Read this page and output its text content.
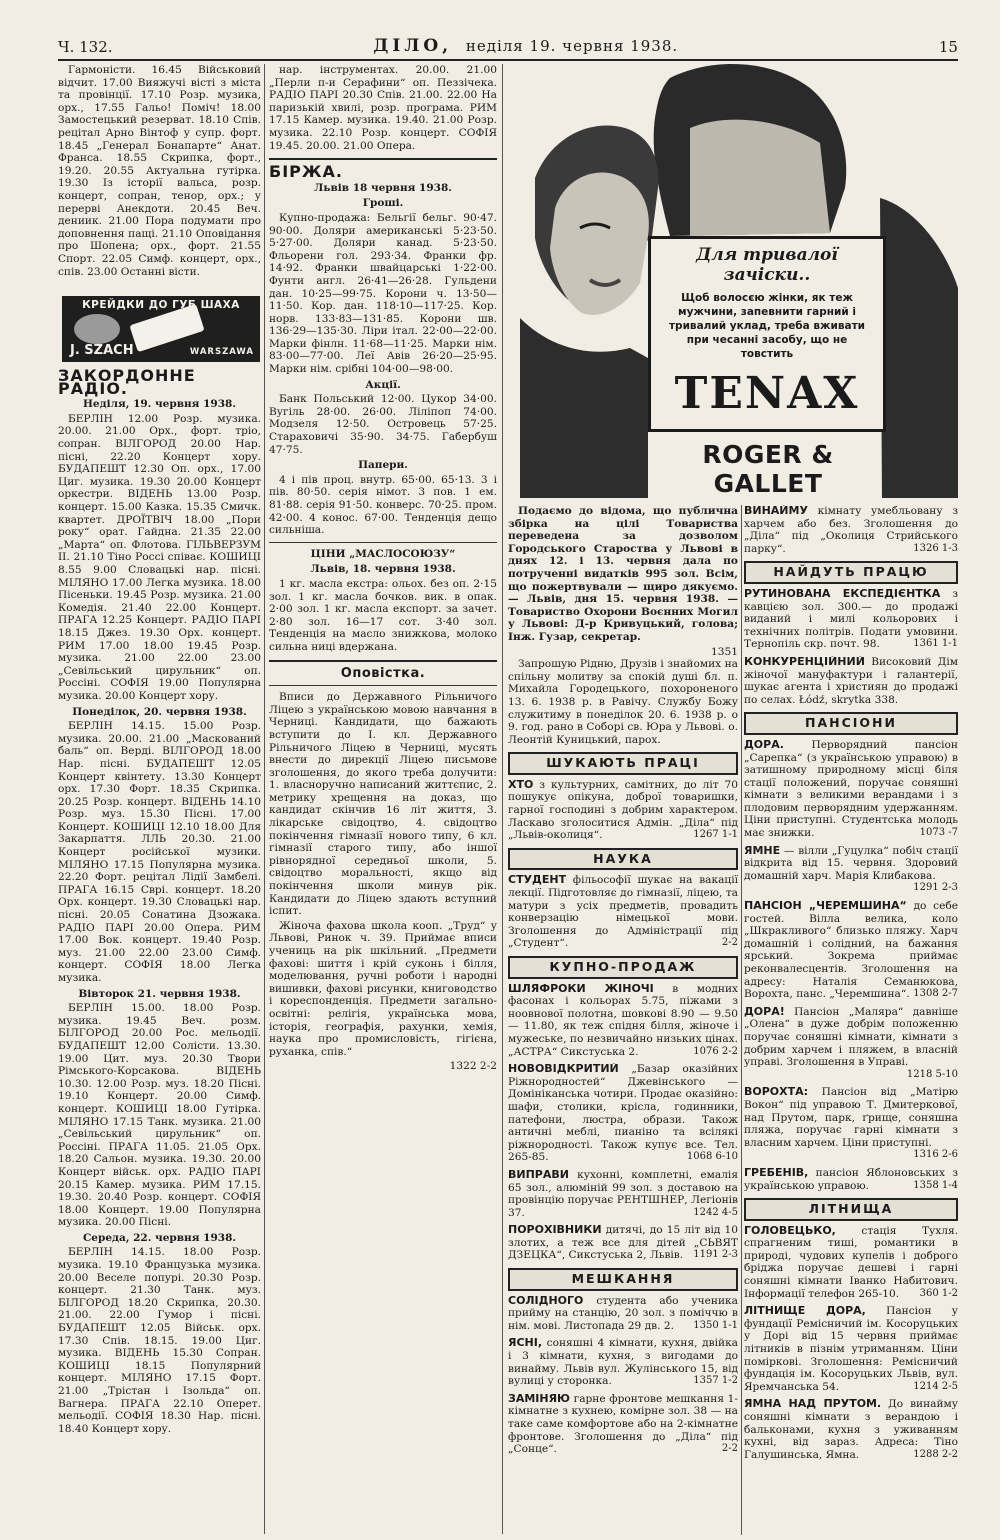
Ч. 132.	ДІЛО, неділя 19. червня 1938.	15

Гармоністи. 16.45 Військовий відчит. 17.00 Вияжучі вісті з міста та провінції. 17.10 Розр. музика, орх., 17.55 Гальо! Поміч! 18.00 Замостецький резерват. 18.10 Спів. рецітал Арно Вінтоф у супр. форт. 18.45 „Генерал Бонапарте“ Анат. Франса. 18.55 Скрипка, форт., 19.20. 20.55 Актуальна гутірка. 19.30 Із історії вальса, розр. концерт, сопран, тенор, орх.; у перерві Анекдоти. 20.45 Веч. дениик. 21.00 Пора подумати про доповнення пащі. 21.10 Оповідання про Шопена; орх., форт. 21.55 Спорт. 22.05 Симф. концерт, орх., спів. 23.00 Останні вісти.

ЗАКОРДОННЕ РАДІО.
Неділя, 19. червня 1938.

БЕРЛІН 12.00 Розр. музика. 20.00. 21.00 Орх., форт. тріо, сопран. ВІЛГОРОД 20.00 Нар. пісні, 22.20 Концерт хору. БУДАПЕШТ 12.30 Оп. орх., 17.00 Циг. музика. 19.30 20.00 Концерт оркестри. ВІДЕНЬ 13.00 Розр. концерт. 15.00 Казка. 15.35 Смичк. квартет. ДРОЇТВІЧ 18.00 „Пори року“ орат. Гайдна. 21.35 22.00 „Марта“ оп. Флотова. ГІЛЬВЕРЗУМ II. 21.10 Тіно Россі співає. КОШИЦІ 8.55 9.00 Словацькі нар. пісні. МІЛЯНО 17.00 Легка музика. 18.00 Пісеньки. 19.45 Розр. музика. 21.00 Комедія. 21.40 22.00 Концерт. ПРАГА 12.25 Концерт. РАДІО ПАРІ 18.15 Джез. 19.30 Орх. концерт. РИМ 17.00 18.00 19.45 Розр. музика. 21.00 22.00 23.00 „Севільський цирульник“ оп. Россіні. СОФІЯ 19.00 Популярна музика. 20.00 Концерт хору.

Понеділок, 20. червня 1938.

БЕРЛІН 14.15. 15.00 Розр. музика. 20.00. 21.00 „Маскований баль“ оп. Верді. ВІЛГОРОД 18.00 Нар. пісні. БУДАПЕШТ 12.05 Концерт квінтету. 13.30 Концерт орх. 17.30 Форт. 18.35 Скрипка. 20.25 Розр. концерт. ВІДЕНЬ 14.10 Розр. муз. 15.30 Пісні. 17.00 Концерт. КОШИЦІ 12.10 18.00 Для Закарпаття. ЛЛЬ 20.30. 21.00 Концерт російської музики. МІЛЯНО 17.15 Популярна музика. 22.20 Форт. рецітал Лідії Замбелі. ПРАГА 16.15 Сврі. концерт. 18.20 Орх. концерт. 19.30 Словацькі нар. пісні. 20.05 Сонатина Дзожака. РАДІО ПАРІ 20.00 Опера. РИМ 17.00 Вок. концерт. 19.40 Розр. муз. 21.00 22.00 23.00 Симф. концерт. СОФІЯ 18.00 Легка музика.

Вівторок 21. червня 1938.

БЕРЛІН 15.00. 18.00 Розр. музика. 19.45 Веч. розм. БІЛГОРОД 20.00 Рос. мельодії. БУДАПЕШТ 12.00 Солісти. 13.30. 19.00 Цит. муз. 20.30 Твори Рімського-Корсакова. ВІДЕНЬ 10.30. 12.00 Розр. муз. 18.20 Пісні. 19.10 Концерт. 20.00 Симф. концерт. КОШИЦІ 18.00 Гутірка. МІЛЯНО 17.15 Танк. музика. 21.00 „Севільський цирульник“ оп. Россіні. ПРАГА 11.05. 21.05 Орх. 18.20 Сальон. музика. 19.30. 20.00 Концерт військ. орх. РАДІО ПАРІ 20.15 Камер. музика. РИМ 17.15. 19.30. 20.40 Розр. концерт. СОФІЯ 18.00 Концерт. 19.00 Популярна музика. 20.00 Пісні.

Середа, 22. червня 1938.

БЕРЛІН 14.15. 18.00 Розр. музика. 19.10 Французька музика. 20.00 Веселе попурі. 20.30 Розр. концерт. 21.30 Танк. муз. БІЛГОРОД 18.20 Скрипка, 20.30. 21.00. 22.00 Гумор і пісні. БУДАПЕШТ 12.05 Військ. орх. 17.30 Спів. 18.15. 19.00 Циг. музика. ВІДЕНЬ 15.30 Сопран. КОШИЦІ 18.15 Популярний концерт. МІЛЯНО 17.15 Форт. 21.00 „Трістан і Ізольда“ оп. Вагнера. ПРАГА 22.10 Оперет. мельодії. СОФІЯ 18.30 Нар. пісні. 18.40 Концерт хору.

КРЕЙДКИ ДО ГУБ ШАХА
J. SZACH	WARSZAWA

нар. інструментах. 20.00. 21.00 „Перли п-и Серафини“ оп. Пеззічека. РАДІО ПАРІ 20.30 Спів. 21.00. 22.00 На паризькій хвилі, розр. програма. РИМ 17.15 Камер. музика. 19.40. 21.00 Розр. музика. 22.10 Розр. концерт. СОФІЯ 19.45. 20.00. 21.00 Опера.

БІРЖА.
Львів 18 червня 1938.
Гроші.

Купно-продажа: Бельгії бельг. 90·47. 90·00. Доляри американські 5·23·50. 5·27·00. Доляри канад. 5·23·50. Фльорени гол. 293·34. Франки фр. 14·92. Франки швайцарські 1·22·00. Фунти англ. 26·41—26·28. Гульдени дан. 10·25—99·75. Корони ч. 13·50—11·50. Кор. дан. 118·10—117·25. Кор. норв. 133·83—131·85. Корони шв. 136·29—135·30. Ліри італ. 22·00—22·00. Марки фінлн. 11·68—11·25. Марки нім. 83·00—77·00. Леї Авів 26·20—25·95. Марки нім. срібні 104·00—98·00.

Акції.

Банк Польський 12·00. Цукор 34·00. Вугіль 28·00. 26·00. Ліліпоп 74·00. Модзеля 12·50. Островець 57·25. Стараховичі 35·90. 34·75. Габербуш 47·75.

Папери.

4 і пів проц. внутр. 65·00. 65·13. 3 і пів. 80·50. серія німот. 3 пов. 1 ем. 81·88. серія 91·50. конверс. 70·25. пром. 42·00. 4 конос. 67·00. Тенденція дещо сильніша.

ЦІНИ „МАСЛОСОЮЗУ“
Львів, 18. червня 1938.

1 кг. масла екстра: ольох. без оп. 2·15 зол. 1 кг. масла бочков. вик. в опак. 2·00 зол. 1 кг. масла експорт. за зачет. 2·80 зол. 16—17 сот. 3·40 зол. Тенденція на масло знижкова, молоко сильна ниці вдержана.

Оповістка.

Вписи до Державного Рільничого Ліцею з українською мовою навчання в Черниці. Кандидати, що бажають вступити до І. кл. Державного Рільничого Ліцею в Черниці, мусять внести до дирекції Ліцею письмове зголошення, до якого треба долучити: 1. власноручно написаний життєпис, 2. метрику хрещення на доказ, що кандидат скінчив 16 літ життя, 3. лікарське свідоцтво, 4. свідоцтво покінчення гімназії нового типу, 6 кл. гімназії старого типу, або іншої рівнорядної середньої школи, 5. свідоцтво моральності, якщо від покінчення школи минув рік. Кандидати до Ліцею здають вступний іспит.

Жіноча фахова школа кооп. „Труд“ у Львові, Ринок ч. 39. Приймає вписи учениць на рік шкільний. „Предмети фахові: шиття і крій суконь і білля, моделювання, ручні роботи і народні вишивки, фахові рисунки, книговодство і кореспонденція. Предмети загально-освітні: релігія, українська мова, історія, географія, рахунки, хемія, наука про промисловість, гігієна, руханка, спів.“

1322 2-2
Для тривалої зачіски..
Щоб волосєю жінки, як теж мужчини, запевнити гарний і тривалий уклад, треба вживати при чесанні засобу, що не товстить
TENAX
ROGER & GALLET

Подаємо до відома, що публична збірка на цілі Товариства переведена за дозволом Городського Староства у Львові в днях 12. і 13. червня дала по потрученні видатків 995 зол. Всім, що пожертвували — щиро дякуємо. — Львів, дня 15. червня 1938. — Товариство Охорони Воєнних Могил у Львові: Д-р Кривуцький, голова; Інж. Гузар, секретар.

1351

Запрошую Рідню, Друзів і знайомих на спільну молитву за спокій душі бл. п. Михайла Городецького, похороненого 13. 6. 1938 р. в Равічу. Службу Божу служитиму в понеділок 20. 6. 1938 р. о 9. год. рано в Соборі св. Юра у Львові. о. Леонтій Куницький, парох.

ШУКАЮТЬ ПРАЦІ
ХТО з культурних, самітних, до літ 70 пошукує опікуна, доброї товаришки, гарної господині з добрим характером. Ласкаво зголоситися Адмін. „Діла“ під „Львів-околиця“.	1267 1-1
НАУКА
СТУДЕНТ фільософії шукає на вакації лекції. Підготовляє до гімназії, ліцею, та матури з усіх предметів, провадить конверзацію німецької мови. Зголошення до Адміністрації під „Студент“.	2-2
КУПНО-ПРОДАЖ
ШЛЯФРОКИ ЖІНОЧІ в модних фасонах і кольорах 5.75, піжами з ноовнової полотна, шовкові 8.90 — 9.50 — 11.80, як теж спідня білля, жіноче і мужеське, по незвичайно низьких цінах. „АСТРА“ Сикстуська 2.	1076 2-2
НОВОВІДКРИТИЙ „Базар оказійних Ріжнородностей“ Джевінського — Домініканська чотири. Продає оказійно: шафи, столики, крісла, годинники, патефони, люстра, образи. Також античні меблі, пианіно та всілякі ріжнородності. Також купує все. Тел. 265-85.	1068 6-10
ВИПРАВИ кухонні, комплетні, емалія 65 зол., алюміній 99 зол. з доставою на провінцію поручає РЕНТШНЕР, Легіонів 37.	1242 4-5
ПОРОХІВНИКИ дитячі, до 15 літ від 10 злотих, а теж все для дітей „СЬВЯТ ДЗЕЦКА“, Сикстуська 2, Львів. 1191 2-3
МЕШКАННЯ
СОЛІДНОГО студента або ученика прийму на станцію, 20 зол. з поміччю в нім. мові. Листопада 29 дв. 2. 1350 1-1
ЯСНІ, соняшні 4 кімнати, кухня, двійка і 3 кімнати, кухня, з вигодами до винайму. Львів вул. Жулінського 15, від вулиці у сторонка.	1357 1-2
ЗАМІНЯЮ гарне фронтове мешкання 1-кімнатне з кухнею, комірне зол. 38 — на таке саме комфортове або на 2-кімнатне фронтове. Зголошення до „Діла“ під „Сонце“.	2-2
ВИНАЙМУ кімнату умебльовану з харчем або без. Зголошення до „Діла“ під „Околиця Стрийського парку“.	1326 1-3
НАЙДУТЬ ПРАЦЮ
РУТИНОВАНА ЕКСПЕДІЄНТКА з кавцією зол. 300.— до продажі виданий і милі кольорових і технічних політрів. Подати умовини. Тернопіль скр. почт. 98.	1361 1-1
КОНКУРЕНЦІЙНИЙ Високовий Дім жіночої мануфактури і галантерії, шукає агента і християн до продажі по селах. Łódź, skrytka 338.
ПАНСІОНИ
ДОРА.	Перворядний пансіон „Сарепка“ (з українською управою) в затишному природному місці біля стації положений, поручає соняшні кімнати з великими верандами і з плодовим перворядним удержанням. Ціни приступні. Студентська молодь має знижки.	1073 -7
ЯМНЕ — вілли „Гуцулка“ побіч стації відкрита від 15. червня. Здоровий домашній харч. Марія Клибакова.
1291 2-3
ПАНСІОН „ЧЕРЕМШИНА“ до себе гостей. Вілла велика, коло „Шкракливого“ близько пляжу. Харч домашній і солідний, на бажання ярський. Зокрема приймає реконвалесцентів. Зголошення на адресу: Наталія Семанюкова, Ворохта, панс. „Черемшина“. 1308 2-7
ДОРА! Пансіон „Маляра“ давніше „Олена“ в дуже добрім положенню поручає соняшні кімнати, кімнати з добрим харчем і пляжем, в власній управі. Зголошення в Управі.
1218 5-10
ВОРОХТА: Пансіон від „Матірю Вокон“ під управою Т. Дмитеркової, над Прутом, парк, ґрище, соняшна пляжа, поручає гарні кімнати з власним харчем. Ціни приступні.
1316 2-6
ГРЕБЕНІВ, пансіон Яблоновських з українською управою.	1358 1-4
ЛІТНИЩА
ГОЛОВЕЦЬКО, стація Тухля. спрагненим тиші, романтики в природі, чудових купелів і доброго бріджа поручає дешеві і гарні соняшні кімнати Іванко Набитович. Інформації телефон 265-10. 360 1-2
ЛІТНИЩЕ ДОРА, Пансіон у фундації Ремісничий ім. Косоруцьких у Дорі від 15 червня приймає літників в пізнім утриманням. Ціни поміркові. Зголошення: Ремісничий фундація ім. Косоруцьких Львів, вул. Яремчанська 54.	1214 2-5
ЯМНА НАД ПРУТОМ. До винайму соняшні кімнати з верандою і бальконами, кухня з уживанням кухні, від зараз. Адреса: Тіно Галушинська, Ямна.	1288 2-2
